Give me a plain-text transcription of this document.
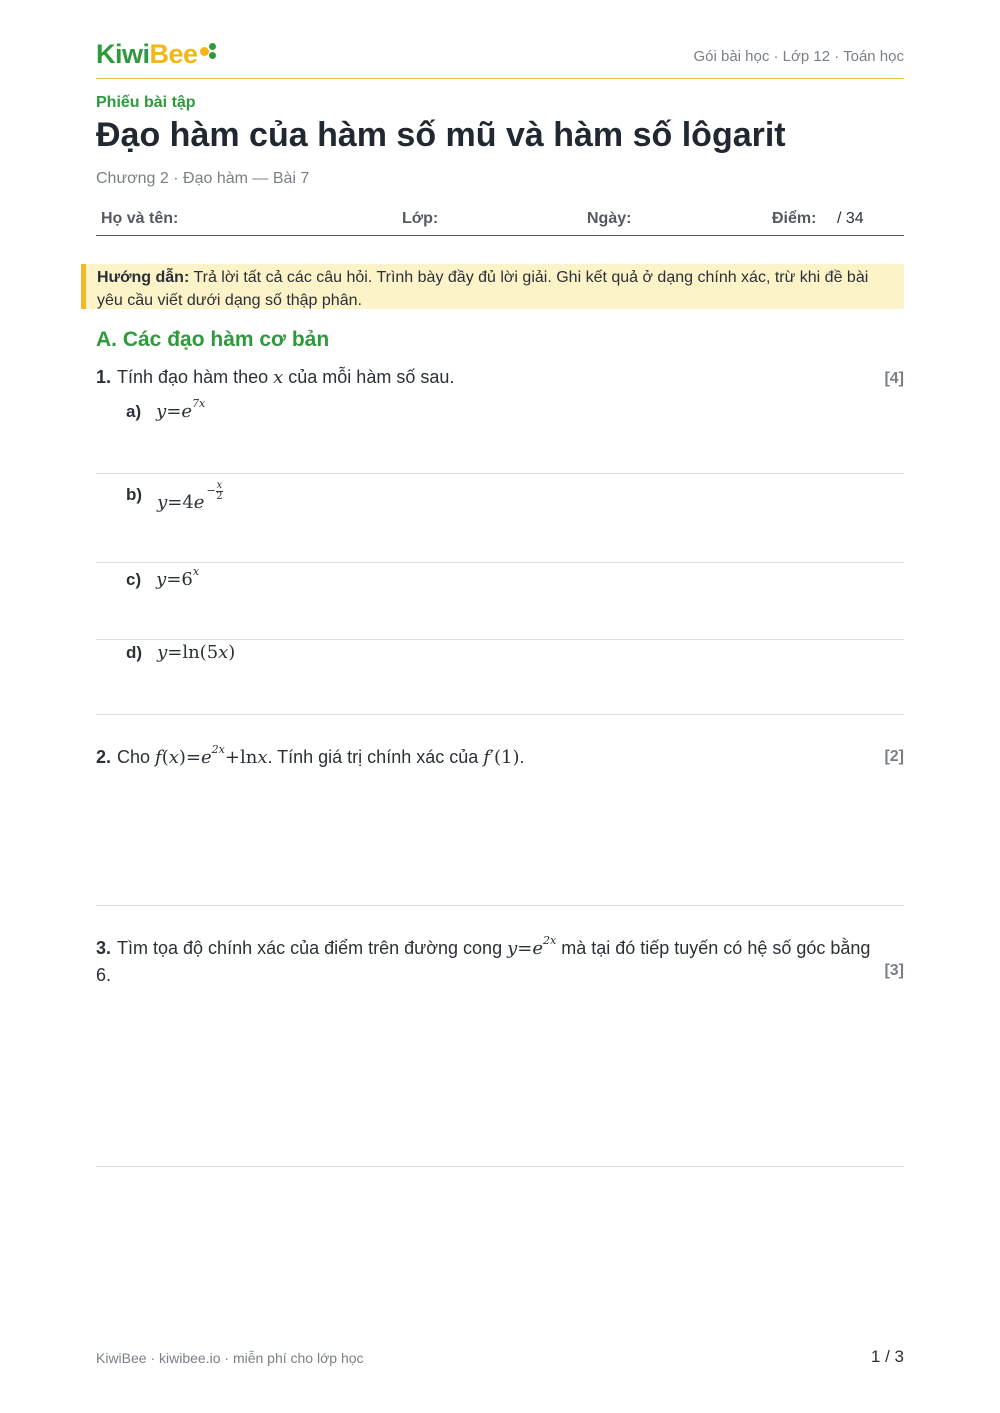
KiwiBee	Gói bài học · Lớp 12 · Toán học
Phiếu bài tập
Đạo hàm của hàm số mũ và hàm số lôgarit
Chương 2 · Đạo hàm — Bài 7
Họ và tên:	Lớp:	Ngày:	Điểm: / 34
Hướng dẫn: Trả lời tất cả các câu hỏi. Trình bày đầy đủ lời giải. Ghi kết quả ở dạng chính xác, trừ khi đề bài yêu cầu viết dưới dạng số thập phân.
A. Các đạo hàm cơ bản
1. Tính đạo hàm theo x của mỗi hàm số sau.	[4]
a) $y=e^{7x}$
b) $y=4e^{- \frac{x}{2}}$
c) $y=6^x$
d) y=ln(5x)
2. Cho $f(x)=e^{2x}+\ln x$. Tính giá trị chính xác của f′(1).	[2]
3. Tìm tọa độ chính xác của điểm trên đường cong $y=e^{2x}$ mà tại đó tiếp tuyến có hệ số góc bằng 6.	[3]
KiwiBee · kiwibee.io · miễn phí cho lớp học	1 / 3
